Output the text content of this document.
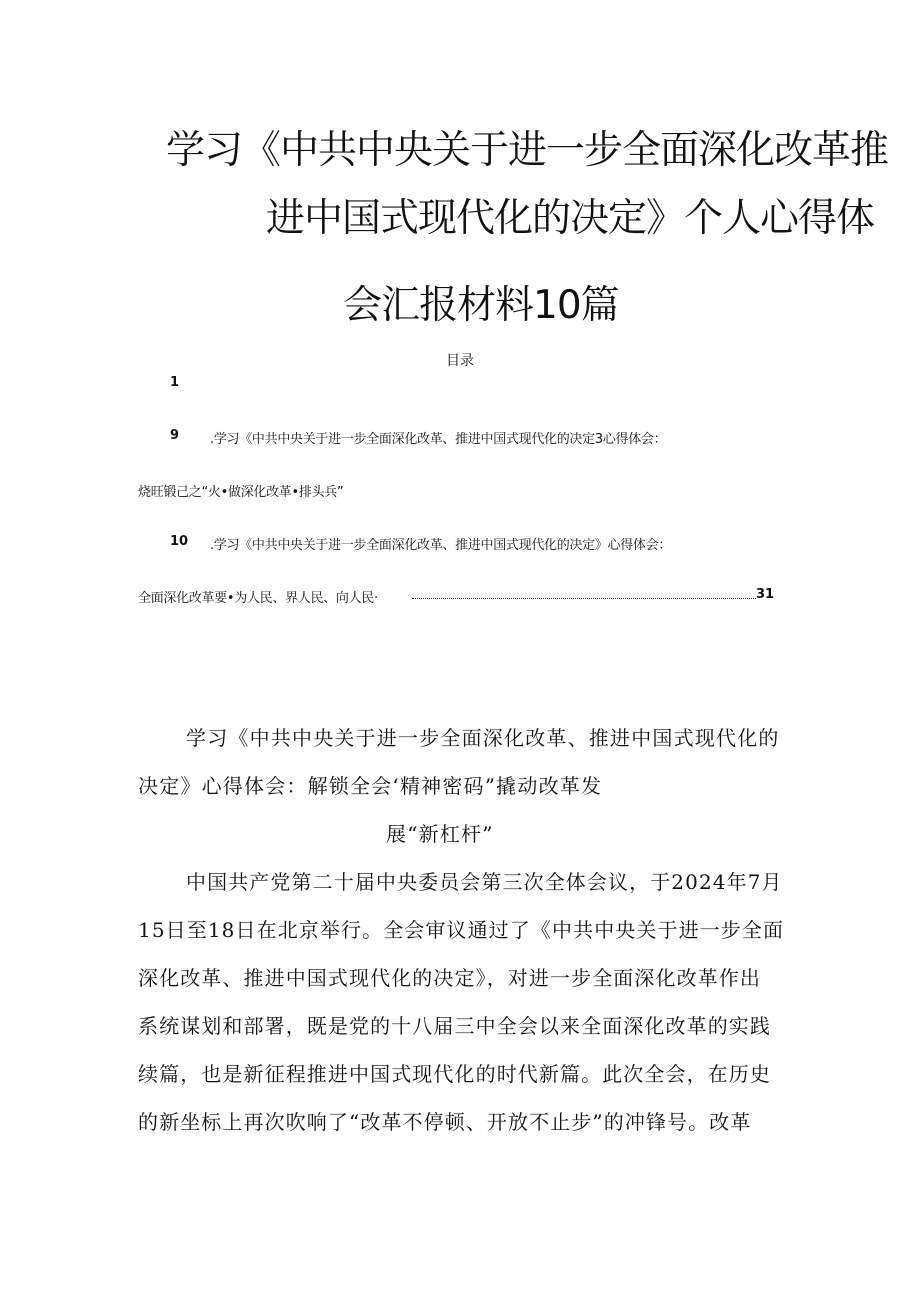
学习《中共中央关于进一步全面深化改革推
进中国式现代化的决定》个人心得体
会汇报材料10篇
目录
1
9 .学习《中共中央关于进一步全面深化改革、推进中国式现代化的决定3心得体会：
烧旺锻己之“火•做深化改革•排头兵”
10 .学习《中共中央关于进一步全面深化改革、推进中国式现代化的决定》心得体会：
全面深化改革要•为人民、界人民、向人民·	31
学习《中共中央关于进一步全面深化改革、推进中国式现代化的
决定》心得体会：解锁全会‘精神密码”撬动改革发
展“新杠杆”
中国共产党第二十届中央委员会第三次全体会议，于2024年7月
15日至18日在北京举行。全会审议通过了《中共中央关于进一步全面
深化改革、推进中国式现代化的决定》，对进一步全面深化改革作出
系统谋划和部署，既是党的十八届三中全会以来全面深化改革的实践
续篇，也是新征程推进中国式现代化的时代新篇。此次全会，在历史
的新坐标上再次吹响了“改革不停顿、开放不止步”的冲锋号。改革
